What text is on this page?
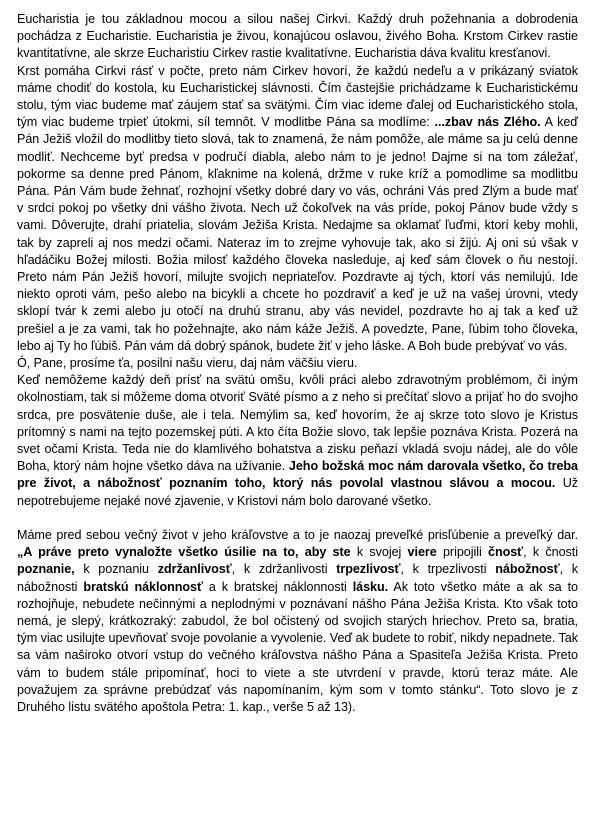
Eucharistia je tou základnou mocou a silou našej Cirkvi. Každý druh požehnania a dobrodenia pochádza z Eucharistie. Eucharistia je živou, konajúcou oslavou, živého Boha. Krstom Cirkev rastie kvantitatívne, ale skrze Eucharistiu Cirkev rastie kvalitatívne. Eucharistia dáva kvalitu kresťanovi.

Krst pomáha Cirkvi rásť v počte, preto nám Cirkev hovorí, že každú nedeľu a v prikázaný sviatok máme chodiť do kostola, ku Eucharistickej slávnosti. Čím častejšie prichádzame k Eucharistickému stolu, tým viac budeme mať záujem stať sa svätými. Čím viac ideme ďalej od Eucharistického stola, tým viac budeme trpieť útokmi, síl temnôt. V modlitbe Pána sa modlíme: ...zbav nás Zlého. A keď Pán Ježiš vložil do modlitby tieto slová, tak to znamená, že nám pomôže, ale máme sa ju celú denne modliť. Nechceme byť predsa v područí diabla, alebo nám to je jedno! Dajme si na tom záležať, pokorme sa denne pred Pánom, kľaknime na kolená, držme v ruke kríž a pomodlime sa modlitbu Pána. Pán Vám bude žehnať, rozhojní všetky dobré dary vo vás, ochráni Vás pred Zlým a bude mať v srdci pokoj po všetky dni vášho života. Nech už čokoľvek na vás príde, pokoj Pánov bude vždy s vami. Dôverujte, drahí priatelia, slovám Ježiša Krista. Nedajme sa oklamať ľuďmi, ktorí keby mohli, tak by zapreli aj nos medzi očami. Nateraz im to zrejme vyhovuje tak, ako si žijú. Aj oni sú však v hľadáčiku Božej milosti. Božia milosť každého človeka nasleduje, aj keď sám človek o ňu nestojí. Preto nám Pán Ježiš hovorí, milujte svojich nepriateľov. Pozdravte aj tých, ktorí vás nemilujú. Ide niekto oproti vám, pešo alebo na bicykli a chcete ho pozdraviť a keď je už na vašej úrovni, vtedy sklopí tvár k zemi alebo ju otočí na druhú stranu, aby vás nevidel, pozdravte ho aj tak a keď už prešiel a je za vami, tak ho požehnajte, ako nám káže Ježiš. A povedzte, Pane, ľúbim toho človeka, lebo aj Ty ho ľúbiš. Pán vám dá dobrý spánok, budete žiť v jeho láske. A Boh bude prebývať vo vás.

Ó, Pane, prosíme ťa, posilni našu vieru, daj nám väčšiu vieru.

Keď nemôžeme každý deň prísť na svätú omšu, kvôli práci alebo zdravotným problémom, či iným okolnostiam, tak si môžeme doma otvoriť Sväté písmo a z neho si prečítať slovo a prijať ho do svojho srdca, pre posvätenie duše, ale i tela. Nemýlim sa, keď hovorím, že aj skrze toto slovo je Kristus prítomný s nami na tejto pozemskej púti. A kto číta Božie slovo, tak lepšie poznáva Krista. Pozerá na svet očami Krista. Teda nie do klamlivého bohatstva a zisku peňazí vkladá svoju nádej, ale do vôle Boha, ktorý nám hojne všetko dáva na užívanie. Jeho božská moc nám darovala všetko, čo treba pre život, a nábožnosť poznaním toho, ktorý nás povolal vlastnou slávou a mocou. Už nepotrebujeme nejaké nové zjavenie, v Kristovi nám bolo darované všetko.

Máme pred sebou večný život v jeho kráľovstve a to je naozaj preveľké prisľúbenie a preveľký dar. „A práve preto vynaložte všetko úsilie na to, aby ste k svojej viere pripojili čnosť, k čnosti poznanie, k poznaniu zdržanlivosť, k zdržanlivosti trpezlivosť, k trpezlivosti nábožnosť, k nábožnosti bratskú náklonnosť a k bratskej náklonnosti lásku. Ak toto všetko máte a ak sa to rozhojňuje, nebudete nečinnými a neplodnými v poznávaní nášho Pána Ježiša Krista. Kto však toto nemá, je slepý, krátkozraký: zabudol, že bol očistený od svojich starých hriechov. Preto sa, bratia, tým viac usilujte upevňovať svoje povolanie a vyvolenie. Veď ak budete to robiť, nikdy nepadnete. Tak sa vám naširoko otvorí vstup do večného kráľovstva nášho Pána a Spasiteľa Ježiša Krista. Preto vám to budem stále pripomínať, hoci to viete a ste utvrdení v pravde, ktorú teraz máte. Ale považujem za správne prebúdzať vás napomínaním, kým som v tomto stánku“. Toto slovo je z Druhého listu svätého apoštola Petra: 1. kap., verše 5 až 13).
